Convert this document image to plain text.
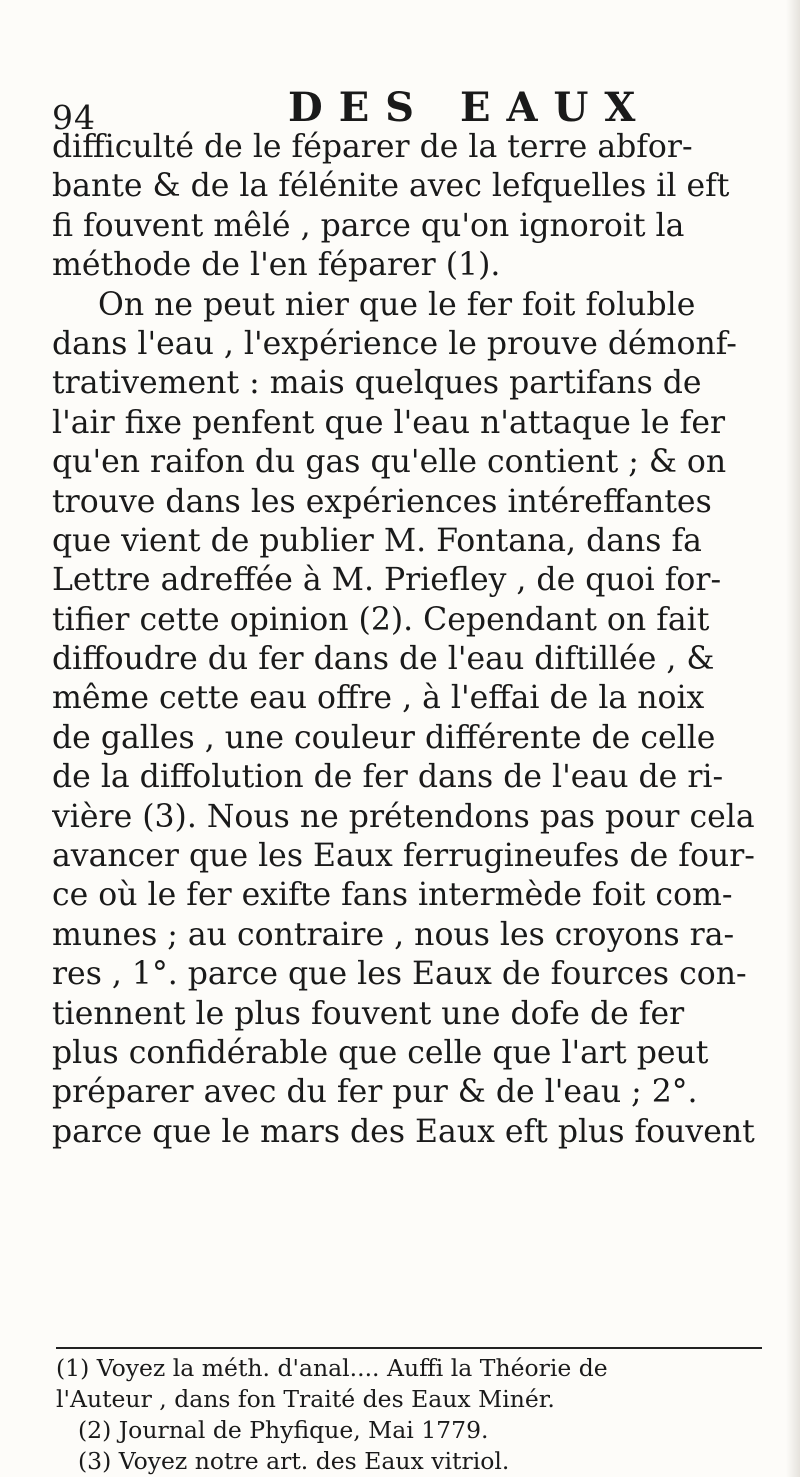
94	DES EAUX
difficulté de le féparer de la terre abfor-
bante & de la félénite avec lefquelles il eft
fi fouvent mêlé , parce qu'on ignoroit la
méthode de l'en féparer (1).
On ne peut nier que le fer foit foluble
dans l'eau , l'expérience le prouve démonf-
trativement : mais quelques partifans de
l'air fixe penfent que l'eau n'attaque le fer
qu'en raifon du gas qu'elle contient ; & on
trouve dans les expériences intéreffantes
que vient de publier M. Fontana, dans fa
Lettre adreffée à M. Priefley , de quoi for-
tifier cette opinion (2). Cependant on fait
diffoudre du fer dans de l'eau diftillée , &
même cette eau offre , à l'effai de la noix
de galles , une couleur différente de celle
de la diffolution de fer dans de l'eau de ri-
vière (3). Nous ne prétendons pas pour cela
avancer que les Eaux ferrugineufes de four-
ce où le fer exifte fans intermède foit com-
munes ; au contraire , nous les croyons ra-
res , 1°. parce que les Eaux de fources con-
tiennent le plus fouvent une dofe de fer
plus confidérable que celle que l'art peut
préparer avec du fer pur & de l'eau ; 2°.
parce que le mars des Eaux eft plus fouvent
(1) Voyez la méth. d'anal.... Auffi la Théorie de
l'Auteur , dans fon Traité des Eaux Minér.
(2) Journal de Phyfique, Mai 1779.
(3) Voyez notre art. des Eaux vitriol.
